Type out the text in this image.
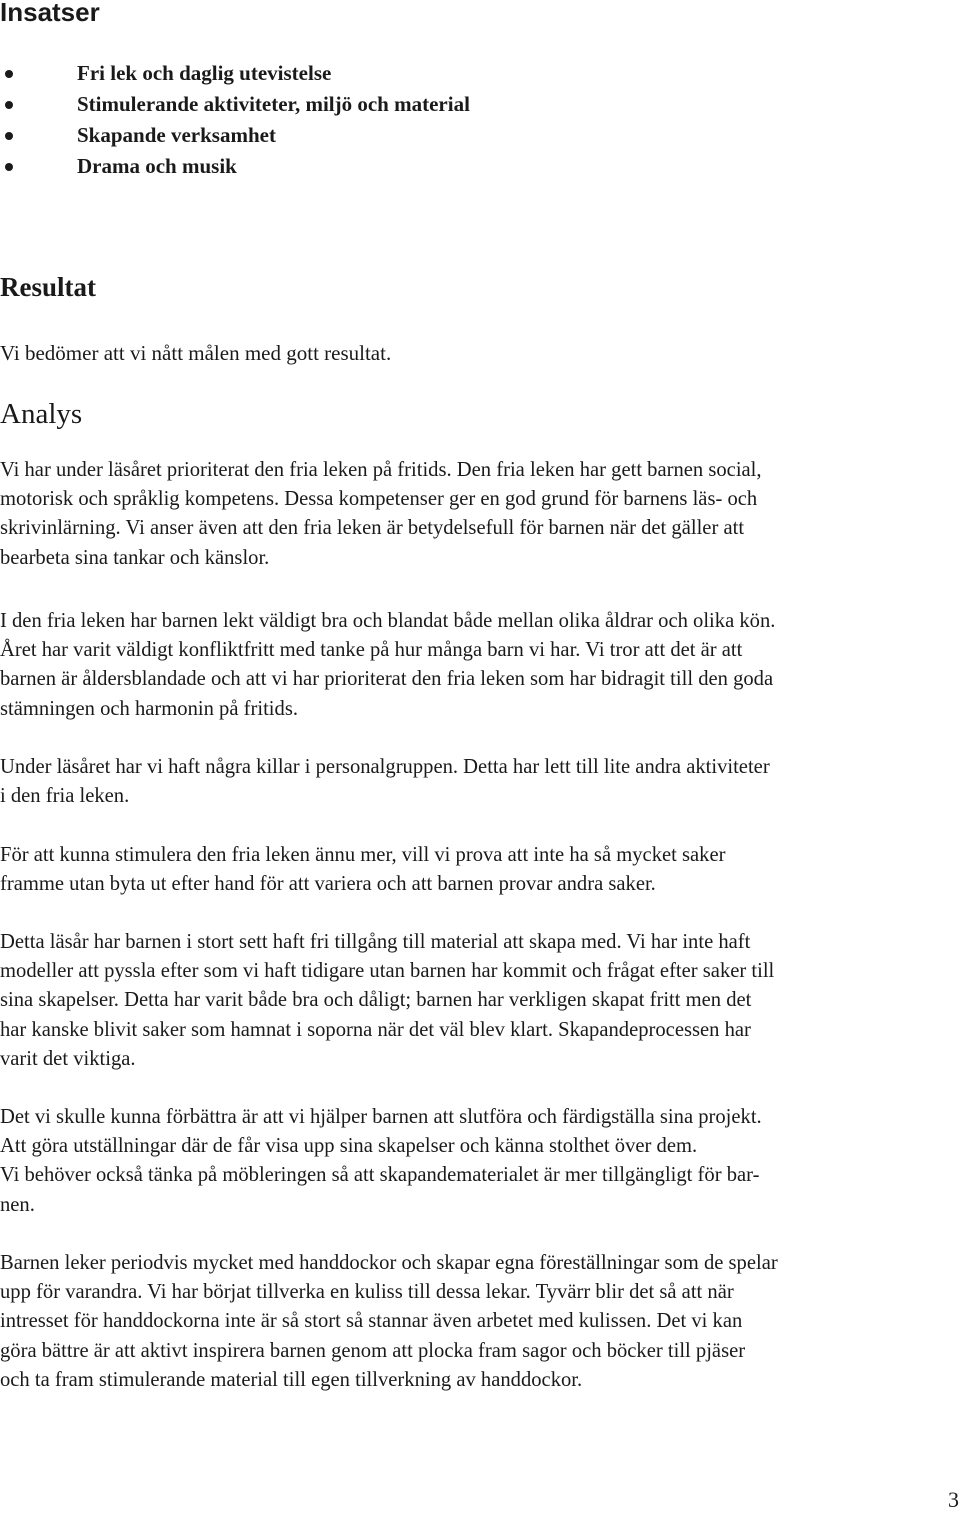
Insatser
Fri lek och daglig utevistelse
Stimulerande aktiviteter, miljö och material
Skapande verksamhet
Drama och musik
Resultat

Vi bedömer att vi nått målen med gott resultat.

Analys

Vi har under läsåret prioriterat den fria leken på fritids. Den fria leken har gett barnen social,
motorisk och språklig kompetens. Dessa kompetenser ger en god grund för barnens läs- och
skrivinlärning. Vi anser även att den fria leken är betydelsefull för barnen när det gäller att
bearbeta sina tankar och känslor.

I den fria leken har barnen lekt väldigt bra och blandat både mellan olika åldrar och olika kön.
Året har varit väldigt konfliktfritt med tanke på hur många barn vi har. Vi tror att det är att
barnen är åldersblandade och att vi har prioriterat den fria leken som har bidragit till den goda
stämningen och harmonin på fritids.

Under läsåret har vi haft några killar i personalgruppen. Detta har lett till lite andra aktiviteter
i den fria leken.

För att kunna stimulera den fria leken ännu mer, vill vi prova att inte ha så mycket saker
framme utan byta ut efter hand för att variera och att barnen provar andra saker.

Detta läsår har barnen i stort sett haft fri tillgång till material att skapa med. Vi har inte haft
modeller att pyssla efter som vi haft tidigare utan barnen har kommit och frågat efter saker till
sina skapelser. Detta har varit både bra och dåligt; barnen har verkligen skapat fritt men det
har kanske blivit saker som hamnat i soporna när det väl blev klart. Skapandeprocessen har
varit det viktiga.

Det vi skulle kunna förbättra är att vi hjälper barnen att slutföra och färdigställa sina projekt.
Att göra utställningar där de får visa upp sina skapelser och känna stolthet över dem.
Vi behöver också tänka på möbleringen så att skapandematerialet är mer tillgängligt för bar-
nen.

Barnen leker periodvis mycket med handdockor och skapar egna föreställningar som de spelar
upp för varandra. Vi har börjat tillverka en kuliss till dessa lekar. Tyvärr blir det så att när
intresset för handdockorna inte är så stort så stannar även arbetet med kulissen. Det vi kan
göra bättre är att aktivt inspirera barnen genom att plocka fram sagor och böcker till pjäser
och ta fram stimulerande material till egen tillverkning av handdockor.

3
